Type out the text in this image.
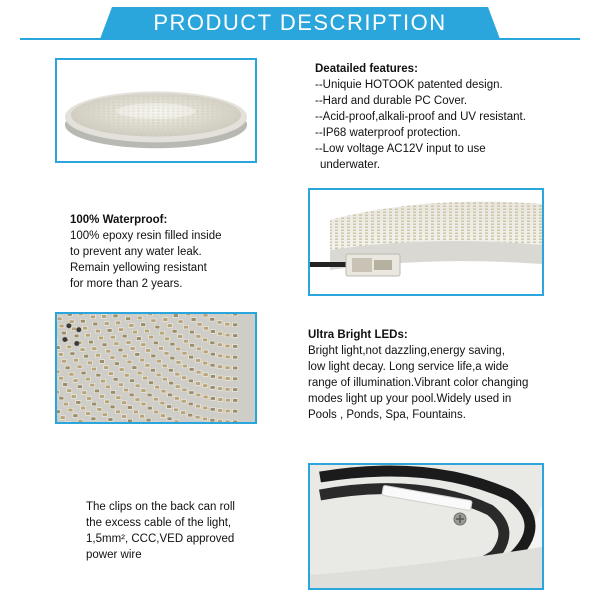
PRODUCT DESCRIPTION
Deatailed features:
--Uniquie HOTOOK patented design.
--Hard and durable PC Cover.
--Acid-proof,alkali-proof and UV resistant.
--IP68 waterproof protection.
--Low voltage AC12V input to use
underwater.
100% Waterproof:
100% epoxy resin filled inside
to prevent any water leak.
Remain yellowing resistant
for more than 2 years.
Ultra Bright LEDs:
Bright light,not dazzling,energy saving,
low light decay. Long service life,a wide
range of illumination.Vibrant color changing
modes light up your pool.Widely used in
Pools , Ponds, Spa, Fountains.
The clips on the back can roll
the excess cable of the light,
1,5mm², CCC,VED approved
power wire
